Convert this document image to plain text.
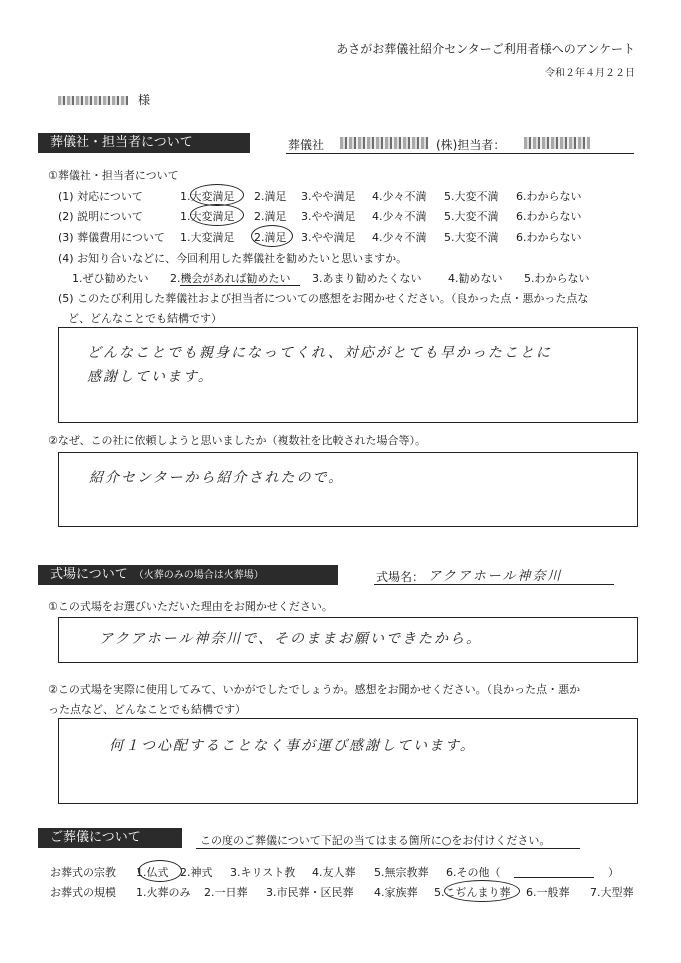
あさがお葬儀社紹介センターご利用者様へのアンケート
令和２年４月２２日
様
葬儀社・担当者について	葬儀社	(株)担当者：
①葬儀社・担当者について
(1) 対応について	1.大変満足 2.満足 3.やや満足 4.少々不満 5.大変不満 6.わからない
(2) 説明について	1.大変満足 2.満足 3.やや満足 4.少々不満 5.大変不満 6.わからない
(3) 葬儀費用について 1.大変満足 2.満足 3.やや満足 4.少々不満 5.大変不満 6.わからない
(4) お知り合いなどに、今回利用した葬儀社を勧めたいと思いますか。
1.ぜひ勧めたい 2.機会があれば勧めたい 3.あまり勧めたくない 4.勧めない 5.わからない
(5) このたび利用した葬儀社および担当者についての感想をお聞かせください。（良かった点・悪かった点な
ど、どんなことでも結構です）
どんなことでも親身になってくれ、対応がとても早かったことに
感謝しています。
②なぜ、この社に依頼しようと思いましたか（複数社を比較された場合等）。
紹介センターから紹介されたので。
式場について （火葬のみの場合は火葬場）	式場名： アクアホール神奈川
①この式場をお選びいただいた理由をお聞かせください。
アクアホール神奈川で、そのままお願いできたから。
②この式場を実際に使用してみて、いかがでしたでしょうか。感想をお聞かせください。（良かった点・悪か
った点など、どんなことでも結構です）
何１つ心配することなく事が運び感謝しています。
ご葬儀について	この度のご葬儀について下記の当てはまる箇所に○をお付けください。
お葬式の宗教 1.仏式 2.神式 3.キリスト教 4.友人葬 5.無宗教葬 6.その他（	）
お葬式の規模 1.火葬のみ 2.一日葬 3.市民葬・区民葬 4.家族葬 5.こぢんまり葬 6.一般葬 7.大型葬
